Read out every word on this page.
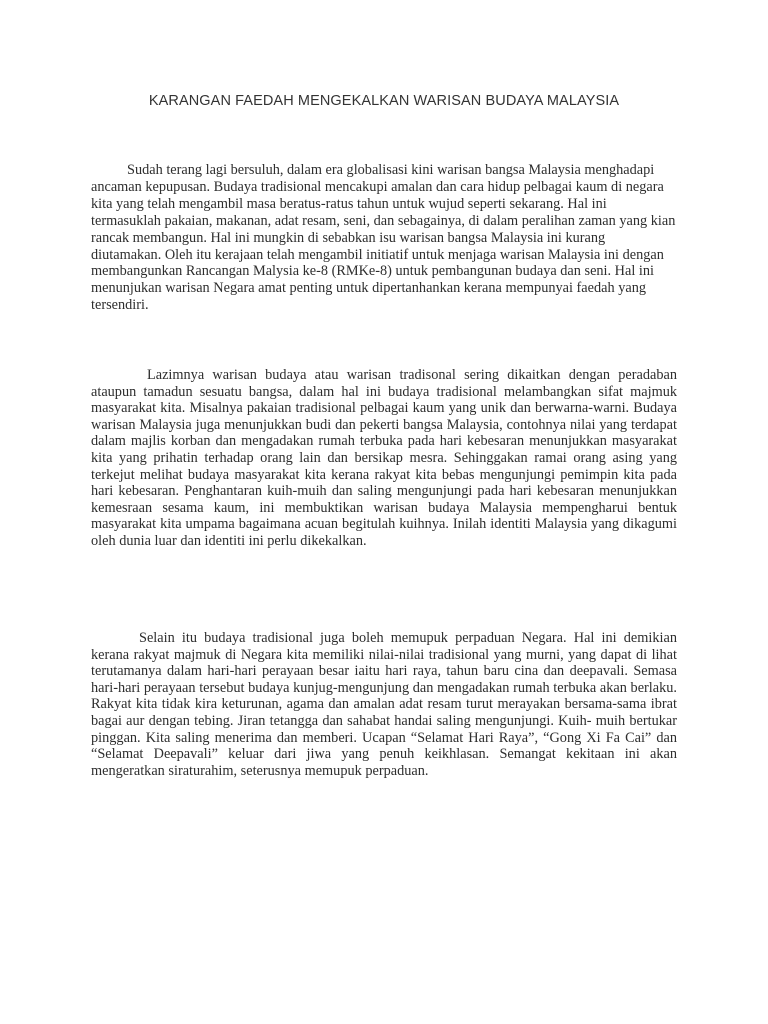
KARANGAN FAEDAH MENGEKALKAN WARISAN BUDAYA MALAYSIA

Sudah terang lagi bersuluh, dalam era globalisasi kini warisan bangsa Malaysia menghadapi ancaman kepupusan. Budaya tradisional mencakupi amalan dan cara hidup pelbagai kaum di negara kita yang telah mengambil masa beratus-ratus tahun untuk wujud seperti sekarang. Hal ini termasuklah pakaian, makanan, adat resam, seni, dan sebagainya, di dalam peralihan zaman yang kian rancak membangun. Hal ini mungkin di sebabkan isu warisan bangsa Malaysia ini kurang diutamakan. Oleh itu kerajaan telah mengambil initiatif untuk menjaga warisan Malaysia ini dengan membangunkan Rancangan Malysia ke-8 (RMKe-8) untuk pembangunan budaya dan seni. Hal ini menunjukan warisan Negara amat penting untuk dipertanhankan kerana mempunyai faedah yang tersendiri.

Lazimnya warisan budaya atau warisan tradisonal sering dikaitkan dengan peradaban ataupun tamadun sesuatu bangsa, dalam hal ini budaya tradisional melambangkan sifat majmuk masyarakat kita. Misalnya pakaian tradisional pelbagai kaum yang unik dan berwarna-warni. Budaya warisan Malaysia juga menunjukkan budi dan pekerti bangsa Malaysia, contohnya nilai yang terdapat dalam majlis korban dan mengadakan rumah terbuka pada hari kebesaran menunjukkan masyarakat kita yang prihatin terhadap orang lain dan bersikap mesra. Sehinggakan ramai orang asing yang terkejut melihat budaya masyarakat kita kerana rakyat kita bebas mengunjungi pemimpin kita pada hari kebesaran. Penghantaran kuih-muih dan saling mengunjungi pada hari kebesaran menunjukkan kemesraan sesama kaum, ini membuktikan warisan budaya Malaysia mempengharui bentuk masyarakat kita umpama bagaimana acuan begitulah kuihnya. Inilah identiti Malaysia yang dikagumi oleh dunia luar dan identiti ini perlu dikekalkan.

Selain itu budaya tradisional juga boleh memupuk perpaduan Negara. Hal ini demikian kerana rakyat majmuk di Negara kita memiliki nilai-nilai tradisional yang murni, yang dapat di lihat terutamanya dalam hari-hari perayaan besar iaitu hari raya, tahun baru cina dan deepavali. Semasa hari-hari perayaan tersebut budaya kunjug-mengunjung dan mengadakan rumah terbuka akan berlaku. Rakyat kita tidak kira keturunan, agama dan amalan adat resam turut merayakan bersama-sama ibrat bagai aur dengan tebing. Jiran tetangga dan sahabat handai saling mengunjungi. Kuih- muih bertukar pinggan. Kita saling menerima dan memberi. Ucapan “Selamat Hari Raya”, “Gong Xi Fa Cai” dan “Selamat Deepavali” keluar dari jiwa yang penuh keikhlasan. Semangat kekitaan ini akan mengeratkan siraturahim, seterusnya memupuk perpaduan.
